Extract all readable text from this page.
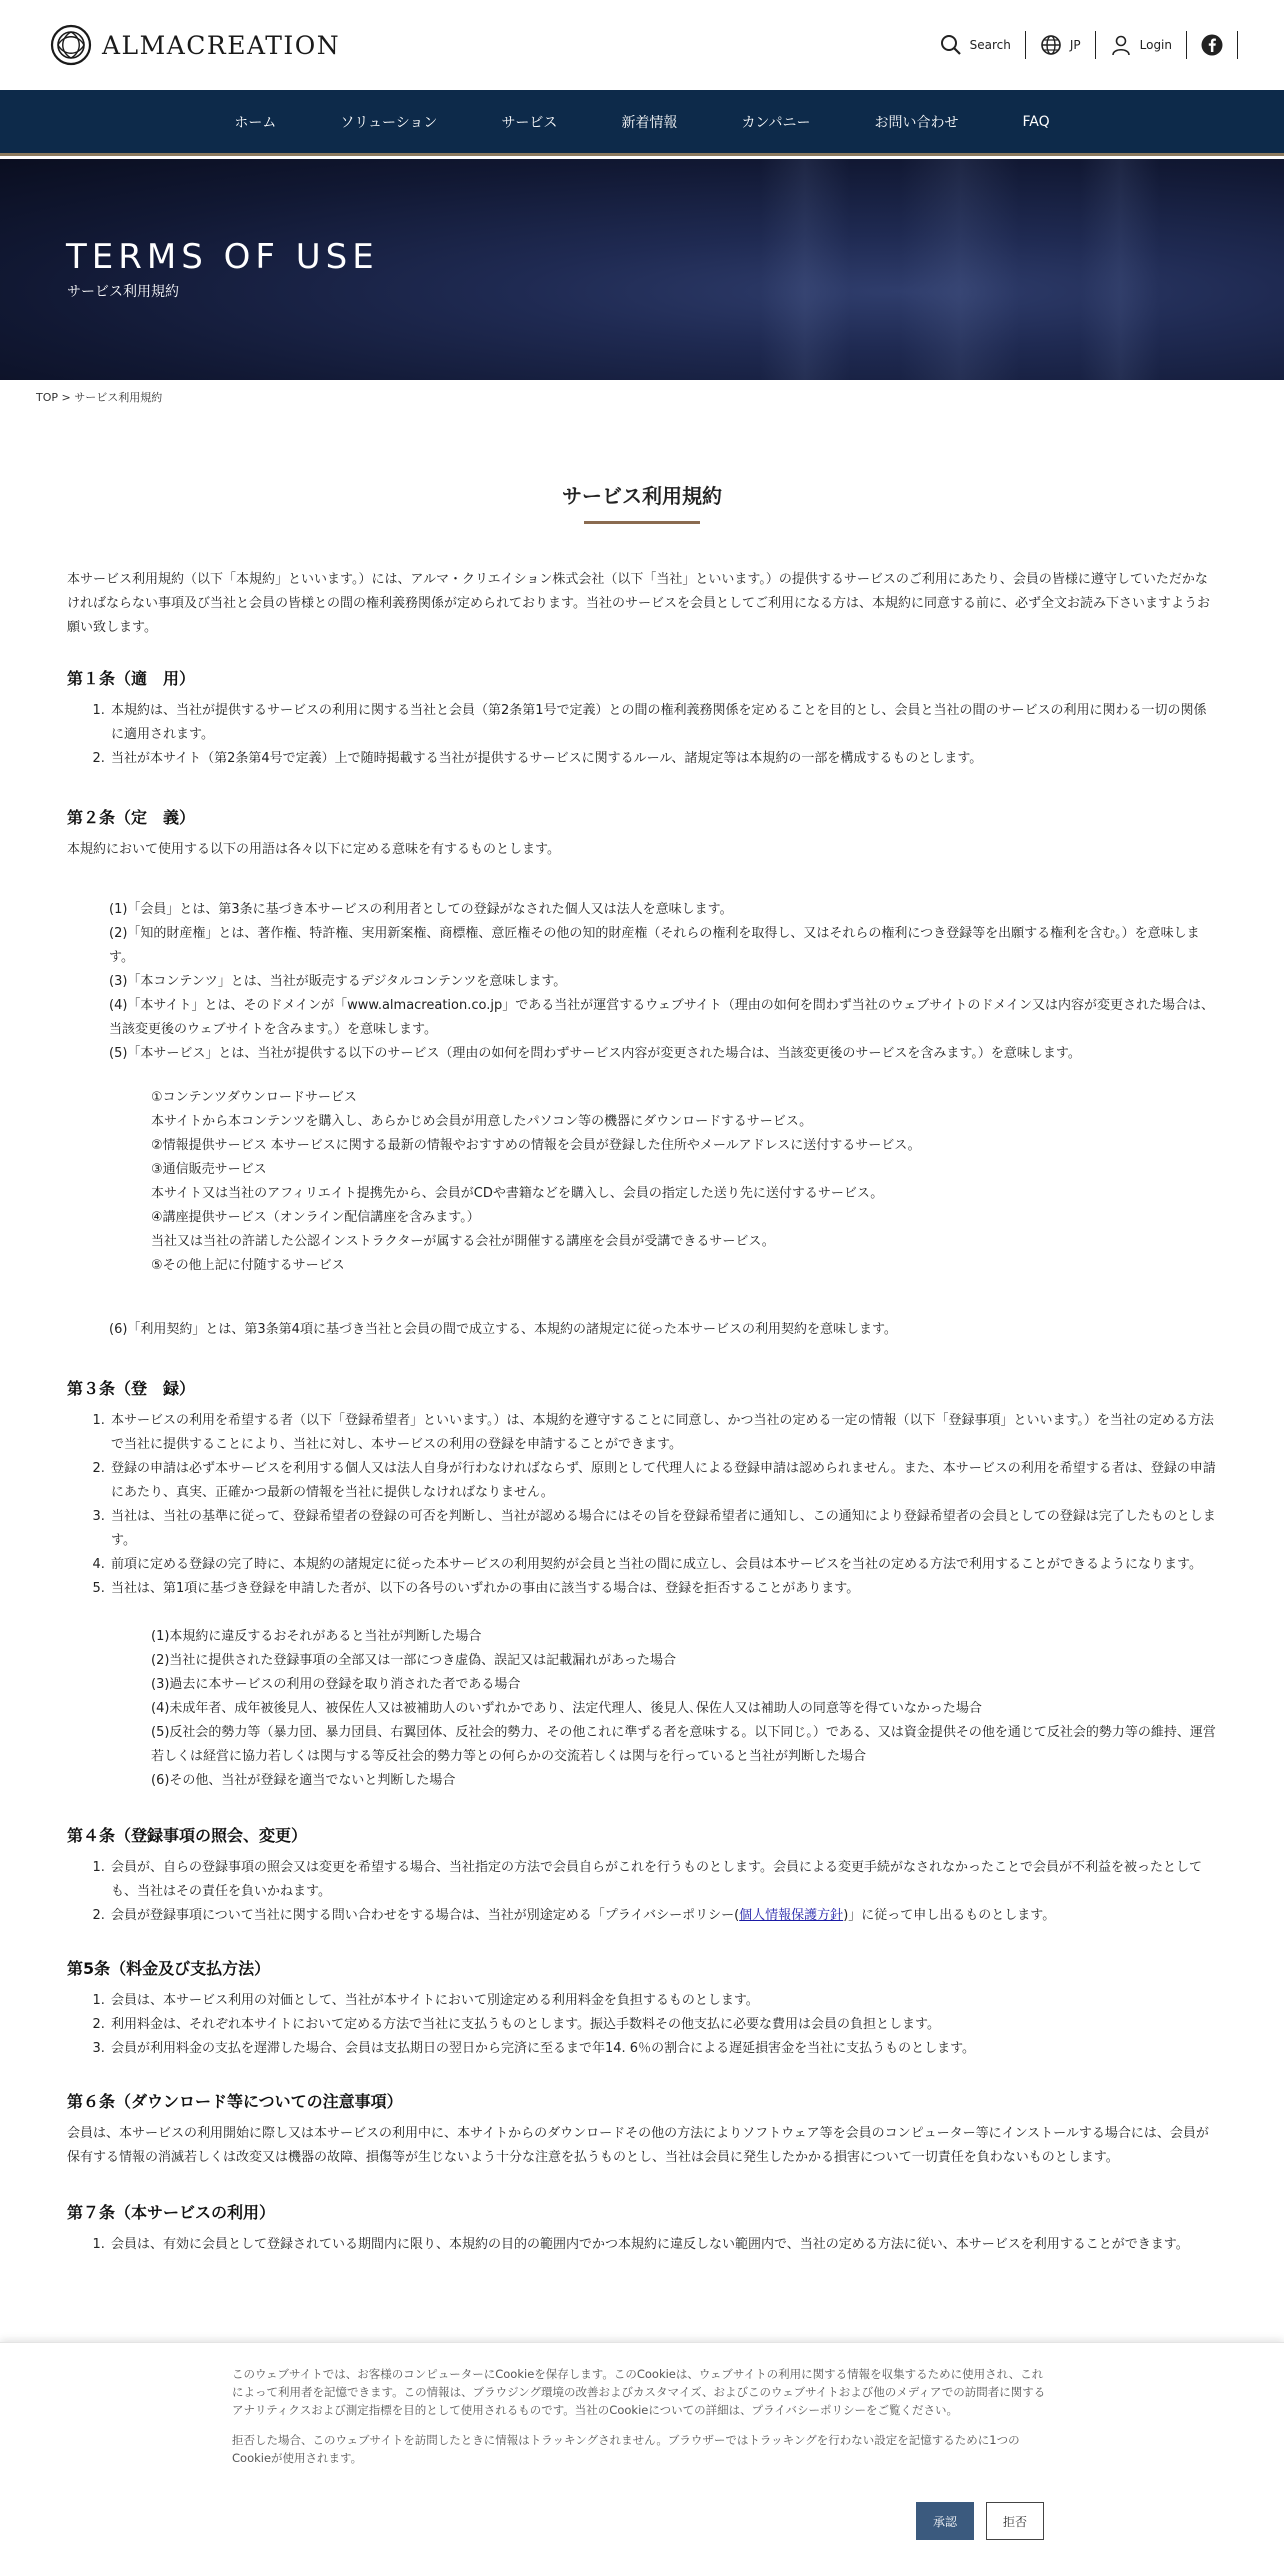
ALMACREATION	Search	JP	Login
ホーム	ソリューション	サービス	新着情報	カンパニー	お問い合わせ	FAQ
TERMS OF USE
サービス利用規約
TOP > サービス利用規約
サービス利用規約

本サービス利用規約（以下「本規約」といいます。）には、アルマ・クリエイション株式会社（以下「当社」といいます。）の提供するサービスのご利用にあたり、会員の皆様に遵守していただかなければならない事項及び当社と会員の皆様との間の権利義務関係が定められております。当社のサービスを会員としてご利用になる方は、本規約に同意する前に、必ず全文お読み下さいますようお願い致します。

第１条（適　用）
1. 本規約は、当社が提供するサービスの利用に関する当社と会員（第2条第1号で定義）との間の権利義務関係を定めることを目的とし、会員と当社の間のサービスの利用に関わる一切の関係に適用されます。
2. 当社が本サイト（第2条第4号で定義）上で随時掲載する当社が提供するサービスに関するルール、諸規定等は本規約の一部を構成するものとします。
第２条（定　義）

本規約において使用する以下の用語は各々以下に定める意味を有するものとします。

(1)「会員」とは、第3条に基づき本サービスの利用者としての登録がなされた個人又は法人を意味します。
(2)「知的財産権」とは、著作権、特許権、実用新案権、商標権、意匠権その他の知的財産権（それらの権利を取得し、又はそれらの権利につき登録等を出願する権利を含む。）を意味します。
(3)「本コンテンツ」とは、当社が販売するデジタルコンテンツを意味します。
(4)「本サイト」とは、そのドメインが「www.almacreation.co.jp」である当社が運営するウェブサイト（理由の如何を問わず当社のウェブサイトのドメイン又は内容が変更された場合は、当該変更後のウェブサイトを含みます。）を意味します。
(5)「本サービス」とは、当社が提供する以下のサービス（理由の如何を問わずサービス内容が変更された場合は、当該変更後のサービスを含みます。）を意味します。
①コンテンツダウンロードサービス
本サイトから本コンテンツを購入し、あらかじめ会員が用意したパソコン等の機器にダウンロードするサービス。
②情報提供サービス 本サービスに関する最新の情報やおすすめの情報を会員が登録した住所やメールアドレスに送付するサービス。
③通信販売サービス
本サイト又は当社のアフィリエイト提携先から、会員がCDや書籍などを購入し、会員の指定した送り先に送付するサービス。
④講座提供サービス（オンライン配信講座を含みます。）
当社又は当社の許諾した公認インストラクターが属する会社が開催する講座を会員が受講できるサービス。
⑤その他上記に付随するサービス
(6)「利用契約」とは、第3条第4項に基づき当社と会員の間で成立する、本規約の諸規定に従った本サービスの利用契約を意味します。
第３条（登　録）
1. 本サービスの利用を希望する者（以下「登録希望者」といいます。）は、本規約を遵守することに同意し、かつ当社の定める一定の情報（以下「登録事項」といいます。）を当社の定める方法で当社に提供することにより、当社に対し、本サービスの利用の登録を申請することができます。
2. 登録の申請は必ず本サービスを利用する個人又は法人自身が行わなければならず、原則として代理人による登録申請は認められません。また、本サービスの利用を希望する者は、登録の申請にあたり、真実、正確かつ最新の情報を当社に提供しなければなりません。
3. 当社は、当社の基準に従って、登録希望者の登録の可否を判断し、当社が認める場合にはその旨を登録希望者に通知し、この通知により登録希望者の会員としての登録は完了したものとします。
4. 前項に定める登録の完了時に、本規約の諸規定に従った本サービスの利用契約が会員と当社の間に成立し、会員は本サービスを当社の定める方法で利用することができるようになります。
5. 当社は、第1項に基づき登録を申請した者が、以下の各号のいずれかの事由に該当する場合は、登録を拒否することがあります。
(1)本規約に違反するおそれがあると当社が判断した場合
(2)当社に提供された登録事項の全部又は一部につき虚偽、誤記又は記載漏れがあった場合
(3)過去に本サービスの利用の登録を取り消された者である場合
(4)未成年者、成年被後見人、被保佐人又は被補助人のいずれかであり、法定代理人、後見人､保佐人又は補助人の同意等を得ていなかった場合
(5)反社会的勢力等（暴力団、暴力団員、右翼団体、反社会的勢力、その他これに準ずる者を意味する。以下同じ。）である、又は資金提供その他を通じて反社会的勢力等の維持、運営若しくは経営に協力若しくは関与する等反社会的勢力等との何らかの交流若しくは関与を行っていると当社が判断した場合
(6)その他、当社が登録を適当でないと判断した場合
第４条（登録事項の照会、変更）
1. 会員が、自らの登録事項の照会又は変更を希望する場合、当社指定の方法で会員自らがこれを行うものとします。会員による変更手続がなされなかったことで会員が不利益を被ったとしても、当社はその責任を負いかねます。
2. 会員が登録事項について当社に関する問い合わせをする場合は、当社が別途定める「プライバシーポリシー(個人情報保護方針)」に従って申し出るものとします。
第5条（料金及び支払方法）
1. 会員は、本サービス利用の対価として、当社が本サイトにおいて別途定める利用料金を負担するものとします。
2. 利用料金は、それぞれ本サイトにおいて定める方法で当社に支払うものとします。振込手数料その他支払に必要な費用は会員の負担とします。
3. 会員が利用料金の支払を遅滞した場合、会員は支払期日の翌日から完済に至るまで年14. 6％の割合による遅延損害金を当社に支払うものとします。
第６条（ダウンロード等についての注意事項）

会員は、本サービスの利用開始に際し又は本サービスの利用中に、本サイトからのダウンロードその他の方法によりソフトウェア等を会員のコンピューター等にインストールする場合には、会員が保有する情報の消滅若しくは改変又は機器の故障、損傷等が生じないよう十分な注意を払うものとし、当社は会員に発生したかかる損害について一切責任を負わないものとします。

第７条（本サービスの利用）
1. 会員は、有効に会員として登録されている期間内に限り、本規約の目的の範囲内でかつ本規約に違反しない範囲内で、当社の定める方法に従い、本サービスを利用することができます。

このウェブサイトでは、お客様のコンピューターにCookieを保存します。このCookieは、ウェブサイトの利用に関する情報を収集するために使用され、これによって利用者を記憶できます。この情報は、ブラウジング環境の改善およびカスタマイズ、およびこのウェブサイトおよび他のメディアでの訪問者に関するアナリティクスおよび測定指標を目的として使用されるものです。当社のCookieについての詳細は、プライバシーポリシーをご覧ください。

拒否した場合、このウェブサイトを訪問したときに情報はトラッキングされません。ブラウザーではトラッキングを行わない設定を記憶するために1つのCookieが使用されます。

承認	拒否
